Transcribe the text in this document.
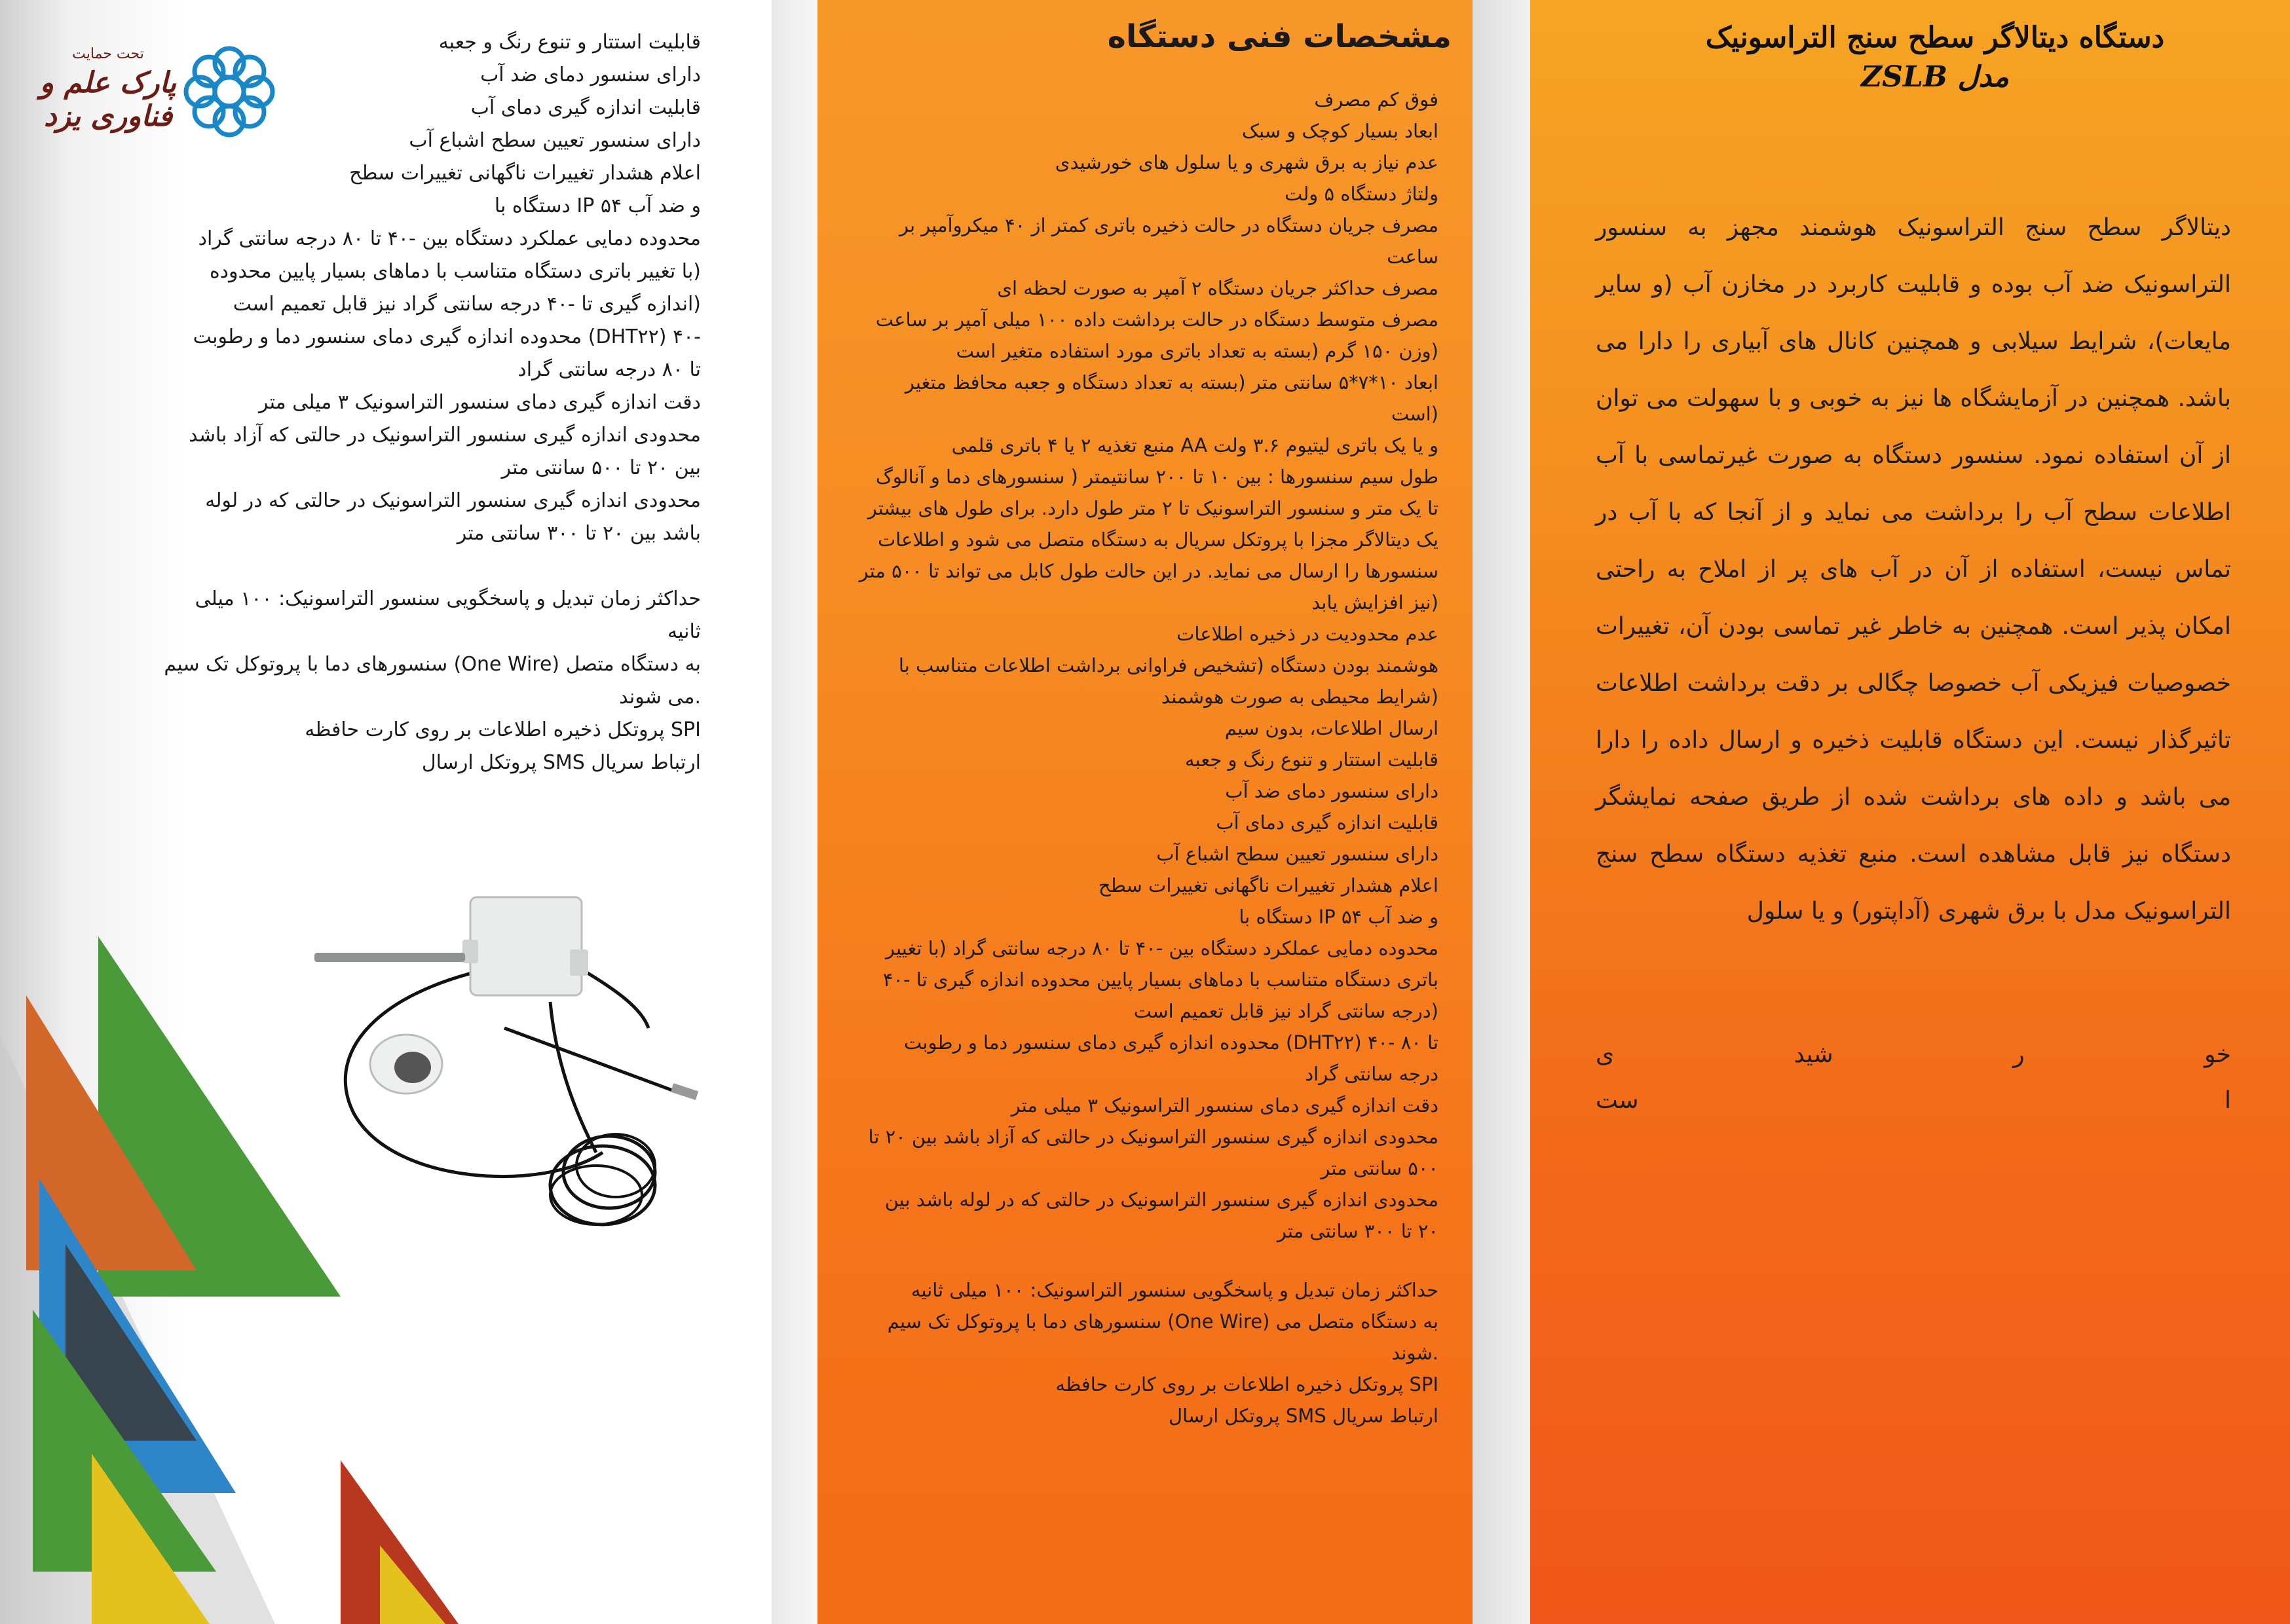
تحت حمایت
پارک علم و فناوری یزد
قابلیت استتار و تنوع رنگ و جعبه
دارای سنسور دمای ضد آب
قابلیت اندازه گیری دمای آب
دارای سنسور تعیین سطح اشباع آب
اعلام هشدار تغییرات ناگهانی تغییرات سطح
و ضد آب IP ۵۴ دستگاه با
محدوده دمایی عملکرد دستگاه بین -۴۰ تا ۸۰ درجه سانتی گراد
(با تغییر باتری دستگاه متناسب با دماهای بسیار پایین محدوده
(اندازه گیری تا -۴۰ درجه سانتی گراد نیز قابل تعمیم است
-۴۰ (DHT۲۲) محدوده اندازه گیری دمای سنسور دما و رطوبت
تا ۸۰ درجه سانتی گراد
دقت اندازه گیری دمای سنسور التراسونیک ۳ میلی متر
محدودی اندازه گیری سنسور التراسونیک در حالتی که آزاد باشد
بین ۲۰ تا ۵۰۰ سانتی متر
محدودی اندازه گیری سنسور التراسونیک در حالتی که در لوله
باشد بین ۲۰ تا ۳۰۰ سانتی متر
حداکثر زمان تبدیل و پاسخگویی سنسور التراسونیک: ۱۰۰ میلی
ثانیه
به دستگاه متصل (One Wire) سنسورهای دما با پروتوکل تک سیم
.می شوند
SPI پروتکل ذخیره اطلاعات بر روی کارت حافظه
ارتباط سریال SMS پروتکل ارسال
مشخصات فنی دستگاه
فوق کم مصرف
ابعاد بسیار کوچک و سبک
عدم نیاز به برق شهری و یا سلول های خورشیدی
ولتاژ دستگاه ۵ ولت
مصرف جریان دستگاه در حالت ذخیره باتری کمتر از ۴۰ میکروآمپر بر
ساعت
مصرف حداکثر جریان دستگاه ۲ آمپر به صورت لحظه ای
مصرف متوسط دستگاه در حالت برداشت داده ۱۰۰ میلی آمپر بر ساعت
(وزن ۱۵۰ گرم (بسته به تعداد باتری مورد استفاده متغیر است
ابعاد ۱۰*۷*۵ سانتی متر (بسته به تعداد دستگاه و جعبه محافظ متغیر
(است
و یا یک باتری لیتیوم ۳.۶ ولت AA منبع تغذیه ۲ یا ۴ باتری قلمی
طول سیم سنسورها : بین ۱۰ تا ۲۰۰ سانتیمتر ( سنسورهای دما و آنالوگ
تا یک متر و سنسور التراسونیک تا ۲ متر طول دارد. برای طول های بیشتر
یک دیتالاگر مجزا با پروتکل سریال به دستگاه متصل می شود و اطلاعات
سنسورها را ارسال می نماید. در این حالت طول کابل می تواند تا ۵۰۰ متر
(نیز افزایش یابد
عدم محدودیت در ذخیره اطلاعات
هوشمند بودن دستگاه (تشخیص فراوانی برداشت اطلاعات متناسب با
(شرایط محیطی به صورت هوشمند
ارسال اطلاعات، بدون سیم
قابلیت استتار و تنوع رنگ و جعبه
دارای سنسور دمای ضد آب
قابلیت اندازه گیری دمای آب
دارای سنسور تعیین سطح اشباع آب
اعلام هشدار تغییرات ناگهانی تغییرات سطح
و ضد آب IP ۵۴ دستگاه با
محدوده دمایی عملکرد دستگاه بین -۴۰ تا ۸۰ درجه سانتی گراد (با تغییر
باتری دستگاه متناسب با دماهای بسیار پایین محدوده اندازه گیری تا -۴۰
(درجه سانتی گراد نیز قابل تعمیم است
تا ۸۰ -۴۰ (DHT۲۲) محدوده اندازه گیری دمای سنسور دما و رطوبت
درجه سانتی گراد
دقت اندازه گیری دمای سنسور التراسونیک ۳ میلی متر
محدودی اندازه گیری سنسور التراسونیک در حالتی که آزاد باشد بین ۲۰ تا
۵۰۰ سانتی متر
محدودی اندازه گیری سنسور التراسونیک در حالتی که در لوله باشد بین
۲۰ تا ۳۰۰ سانتی متر
حداکثر زمان تبدیل و پاسخگویی سنسور التراسونیک: ۱۰۰ میلی ثانیه
به دستگاه متصل می (One Wire) سنسورهای دما با پروتوکل تک سیم
.شوند
SPI پروتکل ذخیره اطلاعات بر روی کارت حافظه
ارتباط سریال SMS پروتکل ارسال
دستگاه دیتالاگر سطح سنج التراسونیک
مدل ZSLB

دیتالاگر سطح سنج التراسونیک هوشمند مجهز به سنسور التراسونیک ضد آب بوده و قابلیت کاربرد در مخازن آب (و سایر مایعات)، شرایط سیلابی و همچنین کانال های آبیاری را دارا می باشد. همچنین در آزمایشگاه ها نیز به خوبی و با سهولت می توان از آن استفاده نمود. سنسور دستگاه به صورت غیرتماسی با آب اطلاعات سطح آب را برداشت می نماید و از آنجا که با آب در تماس نیست، استفاده از آن در آب های پر از املاح به راحتی امکان پذیر است. همچنین به خاطر غیر تماسی بودن آن، تغییرات خصوصیات فیزیکی آب خصوصا چگالی بر دقت برداشت اطلاعات تاثیرگذار نیست. این دستگاه قابلیت ذخیره و ارسال داده را دارا می باشد و داده های برداشت شده از طریق صفحه نمایشگر دستگاه نیز قابل مشاهده است. منبع تغذیه دستگاه سطح سنج التراسونیک مدل با برق شهری (آداپتور) و یا سلول

خو
ر
شید
ی
ا
ست
